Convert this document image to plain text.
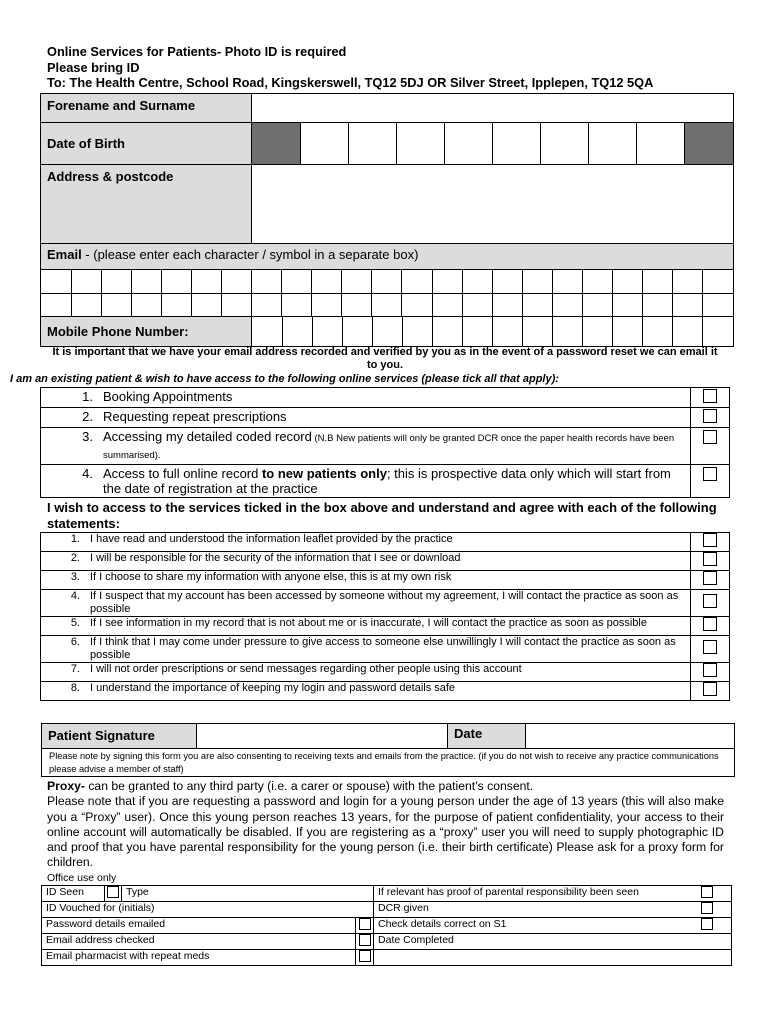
Online Services for Patients- Photo ID is required
Please bring ID
To: The Health Centre, School Road, Kingskerswell, TQ12 5DJ OR Silver Street, Ipplepen, TQ12 5QA
Forename and Surname	
Date of Birth	

Address & postcode	
Email - (please enter each character / symbol in a separate box)

Mobile Phone Number:	

It is important that we have your email address recorded and verified by you as in the event of a password reset we can email it to you.
I am an existing patient & wish to have access to the following online services (please tick all that apply):
1.	Booking Appointments	
2.	Requesting repeat prescriptions	
3.	Accessing my detailed coded record (N.B New patients will only be granted DCR once the paper health records have been summarised).	
4.	Access to full online record to new patients only; this is prospective data only which will start from the date of registration at the practice	
I wish to access to the services ticked in the box above and understand and agree with each of the following statements:
1.	I have read and understood the information leaflet provided by the practice	
2.	I will be responsible for the security of the information that I see or download	
3.	If I choose to share my information with anyone else, this is at my own risk	
4.	If I suspect that my account has been accessed by someone without my agreement, I will contact the practice as soon as possible	
5.	If I see information in my record that is not about me or is inaccurate, I will contact the practice as soon as possible	
6.	If I think that I may come under pressure to give access to someone else unwillingly I will contact the practice as soon as possible	
7.	I will not order prescriptions or send messages regarding other people using this account	
8.	I understand the importance of keeping my login and password details safe	
Patient Signature		Date	
Please note by signing this form you are also consenting to receiving texts and emails from the practice. (if you do not wish to receive any practice communications please advise a member of staff)
Proxy- can be granted to any third party (i.e. a carer or spouse) with the patient’s consent.
Please note that if you are requesting a password and login for a young person under the age of 13 years (this will also make you a “Proxy” user). Once this young person reaches 13 years, for the purpose of patient confidentiality, your access to their online account will automatically be disabled. If you are registering as a “proxy” user you will need to supply photographic ID and proof that you have parental responsibility for the young person (i.e. their birth certificate) Please ask for a proxy form for children.
Office use only
ID Seen		Type		If relevant has proof of parental responsibility been seen	
ID Vouched for (initials)				DCR given	
Password details emailed				Check details correct on S1	
Email address checked				Date Completed	
Email pharmacist with repeat meds					
